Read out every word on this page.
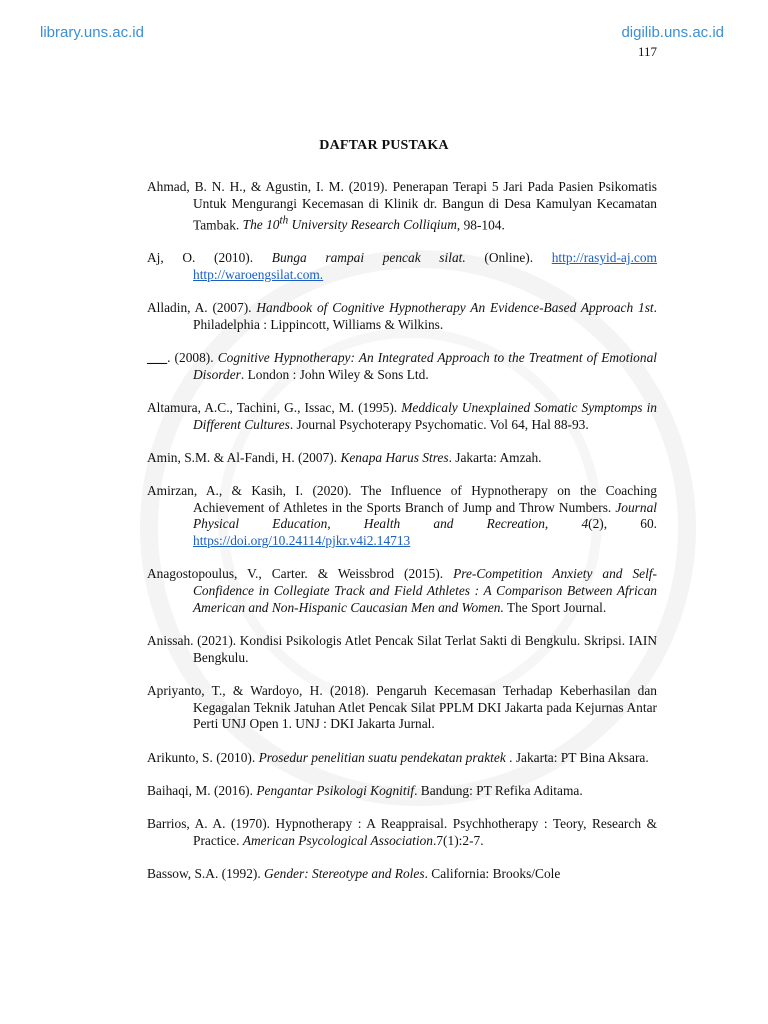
library.uns.ac.id	digilib.uns.ac.id
117
DAFTAR PUSTAKA
Ahmad, B. N. H., & Agustin, I. M. (2019). Penerapan Terapi 5 Jari Pada Pasien Psikomatis Untuk Mengurangi Kecemasan di Klinik dr. Bangun di Desa Kamulyan Kecamatan Tambak. The 10th University Research Colliqium, 98-104.
Aj, O. (2010). Bunga rampai pencak silat. (Online). http://rasyid-aj.com http://waroengsilat.com.
Alladin, A. (2007). Handbook of Cognitive Hypnotherapy An Evidence-Based Approach 1st. Philadelphia : Lippincott, Williams & Wilkins.
___. (2008). Cognitive Hypnotherapy: An Integrated Approach to the Treatment of Emotional Disorder. London : John Wiley & Sons Ltd.
Altamura, A.C., Tachini, G., Issac, M. (1995). Meddicaly Unexplained Somatic Symptomps in Different Cultures. Journal Psychoterapy Psychomatic. Vol 64, Hal 88-93.
Amin, S.M. & Al-Fandi, H. (2007). Kenapa Harus Stres. Jakarta: Amzah.
Amirzan, A., & Kasih, I. (2020). The Influence of Hypnotherapy on the Coaching Achievement of Athletes in the Sports Branch of Jump and Throw Numbers. Journal Physical Education, Health and Recreation, 4(2), 60. https://doi.org/10.24114/pjkr.v4i2.14713
Anagostopoulus, V., Carter. & Weissbrod (2015). Pre-Competition Anxiety and Self-Confidence in Collegiate Track and Field Athletes : A Comparison Between African American and Non-Hispanic Caucasian Men and Women. The Sport Journal.
Anissah. (2021). Kondisi Psikologis Atlet Pencak Silat Terlat Sakti di Bengkulu. Skripsi. IAIN Bengkulu.
Apriyanto, T., & Wardoyo, H. (2018). Pengaruh Kecemasan Terhadap Keberhasilan dan Kegagalan Teknik Jatuhan Atlet Pencak Silat PPLM DKI Jakarta pada Kejurnas Antar Perti UNJ Open 1. UNJ : DKI Jakarta Jurnal.
Arikunto, S. (2010). Prosedur penelitian suatu pendekatan praktek . Jakarta: PT Bina Aksara.
Baihaqi, M. (2016). Pengantar Psikologi Kognitif. Bandung: PT Refika Aditama.
Barrios, A. A. (1970). Hypnotherapy : A Reappraisal. Psychhotherapy : Teory, Research & Practice. American Psycological Association.7(1):2-7.
Bassow, S.A. (1992). Gender: Stereotype and Roles. California: Brooks/Cole
